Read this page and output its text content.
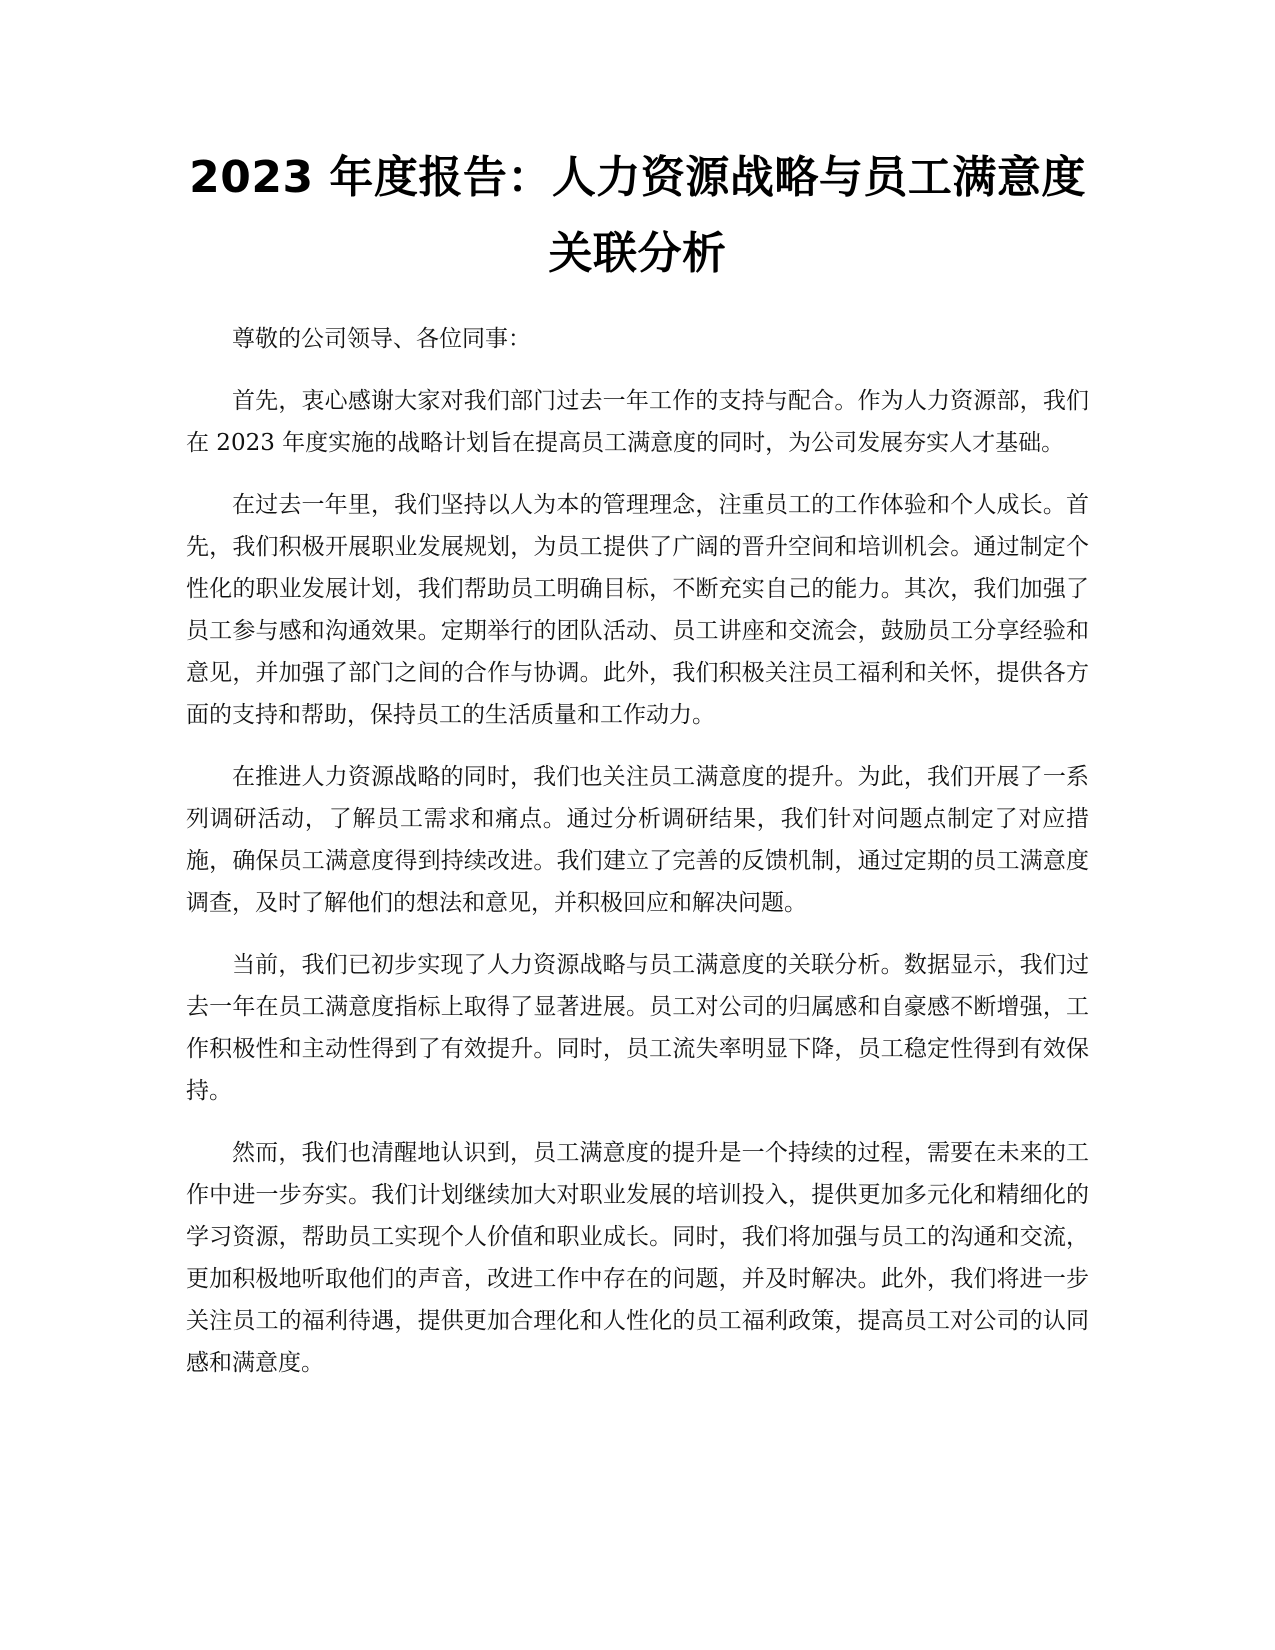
2023 年度报告：人力资源战略与员工满意度
关联分析

尊敬的公司领导、各位同事：

首先，衷心感谢大家对我们部门过去一年工作的支持与配合。作为人力资源部，我们在 2023 年度实施的战略计划旨在提高员工满意度的同时，为公司发展夯实人才基础。

在过去一年里，我们坚持以人为本的管理理念，注重员工的工作体验和个人成长。首先，我们积极开展职业发展规划，为员工提供了广阔的晋升空间和培训机会。通过制定个性化的职业发展计划，我们帮助员工明确目标，不断充实自己的能力。其次，我们加强了员工参与感和沟通效果。定期举行的团队活动、员工讲座和交流会，鼓励员工分享经验和意见，并加强了部门之间的合作与协调。此外，我们积极关注员工福利和关怀，提供各方面的支持和帮助，保持员工的生活质量和工作动力。

在推进人力资源战略的同时，我们也关注员工满意度的提升。为此，我们开展了一系列调研活动，了解员工需求和痛点。通过分析调研结果，我们针对问题点制定了对应措施，确保员工满意度得到持续改进。我们建立了完善的反馈机制，通过定期的员工满意度调查，及时了解他们的想法和意见，并积极回应和解决问题。

当前，我们已初步实现了人力资源战略与员工满意度的关联分析。数据显示，我们过去一年在员工满意度指标上取得了显著进展。员工对公司的归属感和自豪感不断增强，工作积极性和主动性得到了有效提升。同时，员工流失率明显下降，员工稳定性得到有效保持。

然而，我们也清醒地认识到，员工满意度的提升是一个持续的过程，需要在未来的工作中进一步夯实。我们计划继续加大对职业发展的培训投入，提供更加多元化和精细化的学习资源，帮助员工实现个人价值和职业成长。同时，我们将加强与员工的沟通和交流，更加积极地听取他们的声音，改进工作中存在的问题，并及时解决。此外，我们将进一步关注员工的福利待遇，提供更加合理化和人性化的员工福利政策，提高员工对公司的认同感和满意度。
